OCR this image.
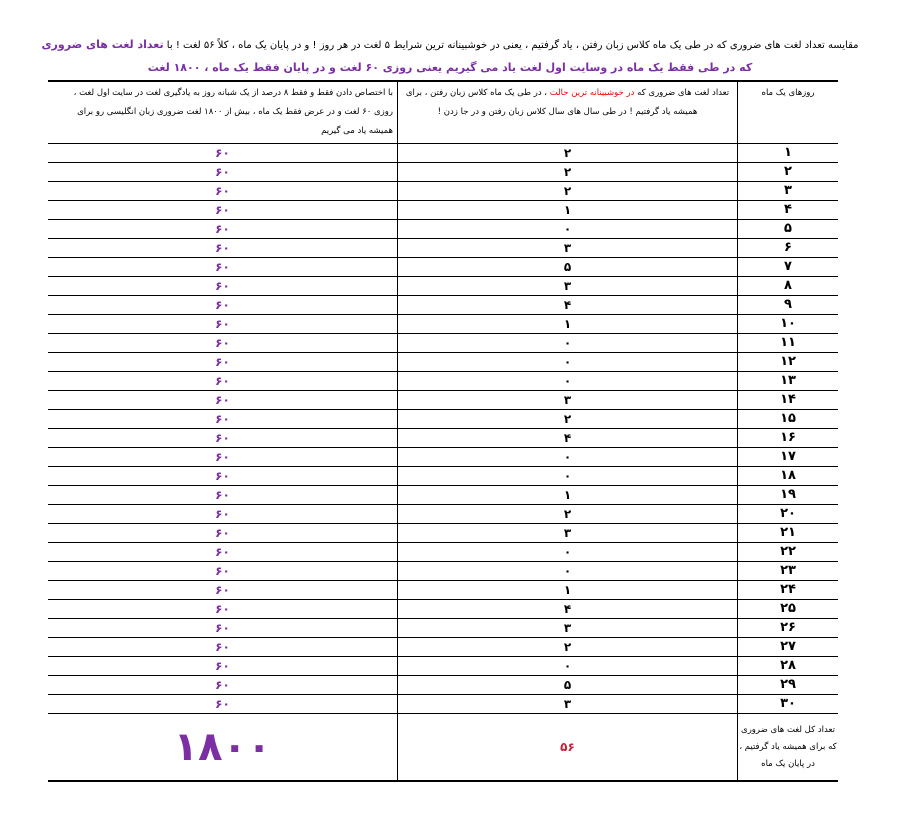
مقایسه تعداد لغت های ضروری که در طی یک ماه کلاس زبان رفتن ، یاد گرفتیم ، یعنی در خوشبینانه ترین شرایط ۵ لغت در هر روز ! و در پایان یک ماه ، کلاً ۵۶ لغت ! با تعداد لغت های ضروری که در طی فقط یک ماه در وسایت اول لغت یاد می گیریم یعنی روزی ۶۰ لغت و در پایان فقط یک ماه ، ۱۸۰۰ لغت
روزهای یک ماه	تعداد لغت های ضروری که در خوشبینانه ترین حالت ، در طی یک ماه کلاس زبان رفتن ، برای همیشه یاد گرفتیم ! در طی سال های سال کلاس زبان رفتن و در جا زدن !	با اختصاص دادن فقط و فقط ۸ درصد از یک شبانه روز به یادگیری لغت در سایت اول لغت ، روزی ۶۰ لغت و در عرض فقط یک ماه ، بیش از ۱۸۰۰ لغت ضروری زبان انگلیسی رو برای همیشه یاد می گیریم
۱	۲	۶۰
۲	۲	۶۰
۳	۲	۶۰
۴	۱	۶۰
۵	۰	۶۰
۶	۳	۶۰
۷	۵	۶۰
۸	۳	۶۰
۹	۴	۶۰
۱۰	۱	۶۰
۱۱	۰	۶۰
۱۲	۰	۶۰
۱۳	۰	۶۰
۱۴	۳	۶۰
۱۵	۲	۶۰
۱۶	۴	۶۰
۱۷	۰	۶۰
۱۸	۰	۶۰
۱۹	۱	۶۰
۲۰	۲	۶۰
۲۱	۳	۶۰
۲۲	۰	۶۰
۲۳	۰	۶۰
۲۴	۱	۶۰
۲۵	۴	۶۰
۲۶	۳	۶۰
۲۷	۲	۶۰
۲۸	۰	۶۰
۲۹	۵	۶۰
۳۰	۳	۶۰
تعداد کل لغت های ضروری که برای همیشه یاد گرفتیم ، در پایان یک ماه	۵۶	۱۸۰۰
